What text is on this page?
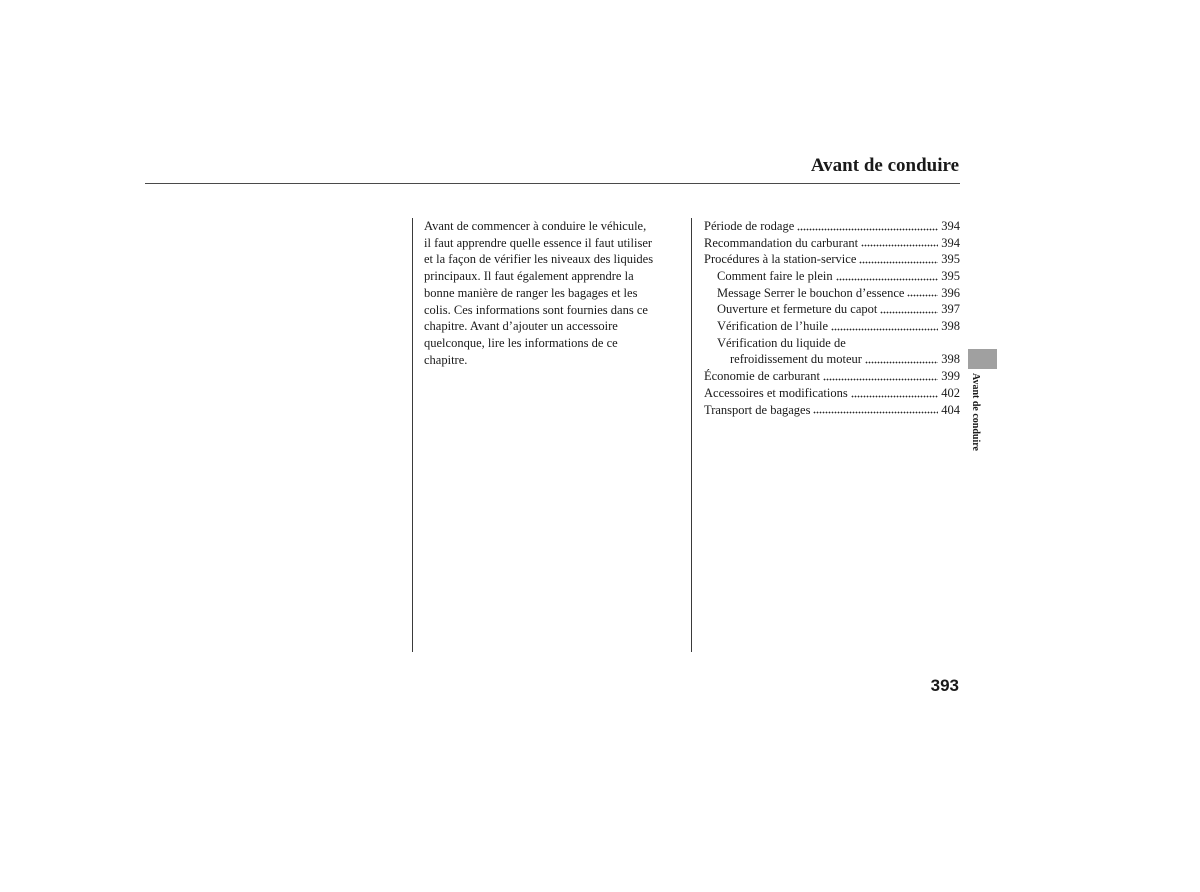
Avant de conduire
Avant de commencer à conduire le véhicule,
il faut apprendre quelle essence il faut utiliser
et la façon de vérifier les niveaux des liquides
principaux. Il faut également apprendre la
bonne manière de ranger les bagages et les
colis. Ces informations sont fournies dans ce
chapitre. Avant d’ajouter un accessoire
quelconque, lire les informations de ce
chapitre.
Période de rodage	394
Recommandation du carburant	394
Procédures à la station-service	395
Comment faire le plein	395
Message Serrer le bouchon d’essence	396
Ouverture et fermeture du capot	397
Vérification de l’huile	398
Vérification du liquide de
refroidissement du moteur	398
Économie de carburant	399
Accessoires et modifications	402
Transport de bagages	404 Avant de conduire
393
